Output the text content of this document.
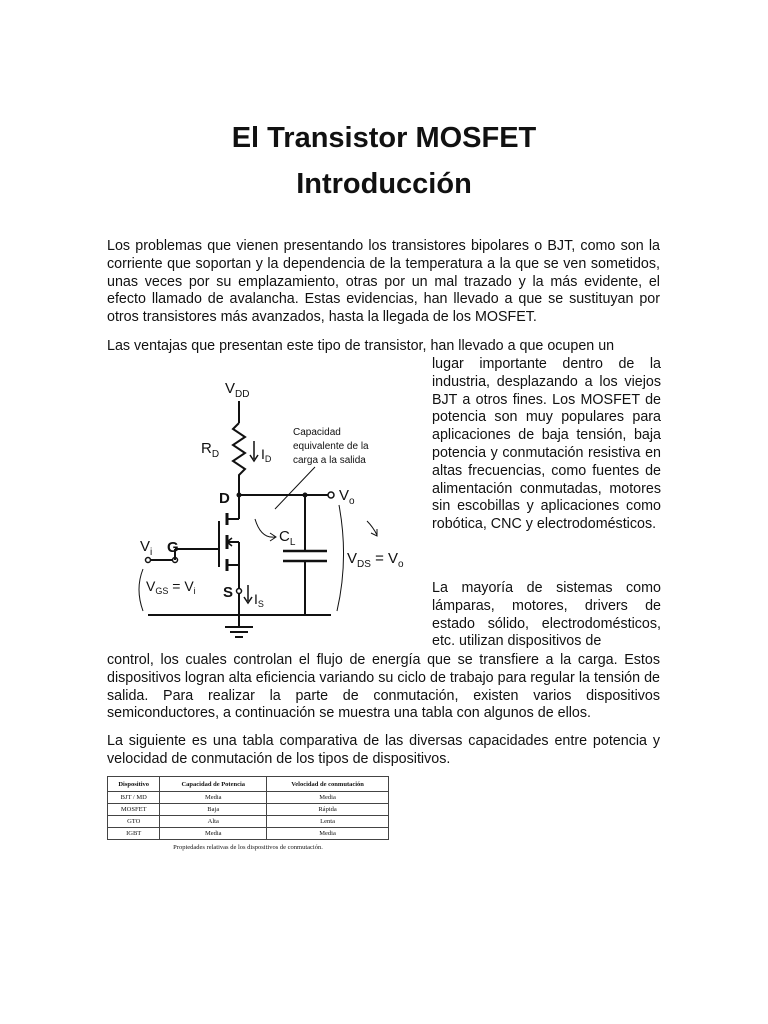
El Transistor MOSFET
Introducción

Los problemas que vienen presentando los transistores bipolares o BJT, como son la corriente que soportan y la dependencia de la temperatura a la que se ven sometidos, unas veces por su emplazamiento, otras por un mal trazado y la más evidente, el efecto llamado de avalancha. Estas evidencias, han llevado a que se sustituyan por otros transistores más avanzados, hasta la llegada de los MOSFET.

Las ventajas que presentan este tipo de transistor, han llevado a que ocupen un

lugar importante dentro de la industria, desplazando a los viejos BJT a otros fines. Los MOSFET de potencia son muy populares para aplicaciones de baja tensión, baja potencia y conmutación resistiva en altas frecuencias, como fuentes de alimentación conmutadas, motores sin escobillas y aplicaciones como robótica, CNC y electrodomésticos.

La mayoría de sistemas como lámparas, motores, drivers de estado sólido, electrodomésticos, etc. utilizan dispositivos de

control, los cuales controlan el flujo de energía que se transfiere a la carga. Estos dispositivos logran alta eficiencia variando su ciclo de trabajo para regular la tensión de salida. Para realizar la parte de conmutación, existen varios dispositivos semiconductores, a continuación se muestra una tabla con algunos de ellos.

La siguiente es una tabla comparativa de las diversas capacidades entre potencia y velocidad de conmutación de los tipos de dispositivos.

$V_{DD}$
$R_D$	$I_D$
Capacidad
equivalente de la
carga a la salida
D	$V_o$
$C_L$
S $I_S$
$V_i$ G
$V_{GS} = V_i$
$V_{DS} = V_o$
Dispositivo	Capacidad de Potencia	Velocidad de conmutación
BJT / MD	Media	Media
MOSFET	Baja	Rápida
GTO	Alta	Lenta
IGBT	Media	Media
Propiedades relativas de los dispositivos de conmutación.
